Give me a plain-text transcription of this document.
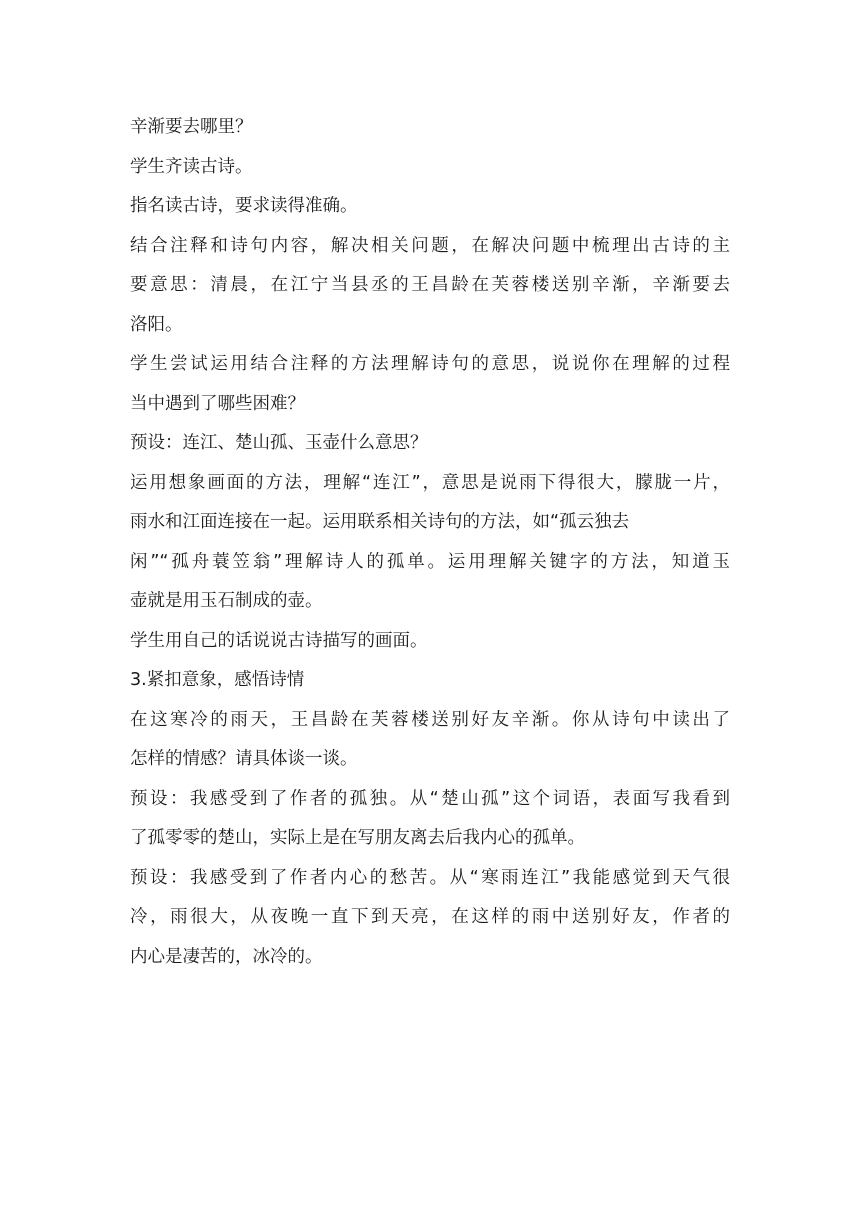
辛渐要去哪里？
学生齐读古诗。
指名读古诗，要求读得准确。
结合注释和诗句内容，解决相关问题，在解决问题中梳理出古诗的主
要意思：清晨，在江宁当县丞的王昌龄在芙蓉楼送别辛渐，辛渐要去
洛阳。
学生尝试运用结合注释的方法理解诗句的意思，说说你在理解的过程
当中遇到了哪些困难？
预设：连江、楚山孤、玉壶什么意思？
运用想象画面的方法，理解“连江”，意思是说雨下得很大，朦胧一片，
雨水和江面连接在一起。运用联系相关诗句的方法，如“孤云独去
闲”“孤舟蓑笠翁”理解诗人的孤单。运用理解关键字的方法，知道玉
壶就是用玉石制成的壶。
学生用自己的话说说古诗描写的画面。
3.紧扣意象，感悟诗情
在这寒冷的雨天，王昌龄在芙蓉楼送别好友辛渐。你从诗句中读出了
怎样的情感？请具体谈一谈。
预设：我感受到了作者的孤独。从“楚山孤”这个词语，表面写我看到
了孤零零的楚山，实际上是在写朋友离去后我内心的孤单。
预设：我感受到了作者内心的愁苦。从“寒雨连江”我能感觉到天气很
冷，雨很大，从夜晚一直下到天亮，在这样的雨中送别好友，作者的
内心是凄苦的，冰冷的。
